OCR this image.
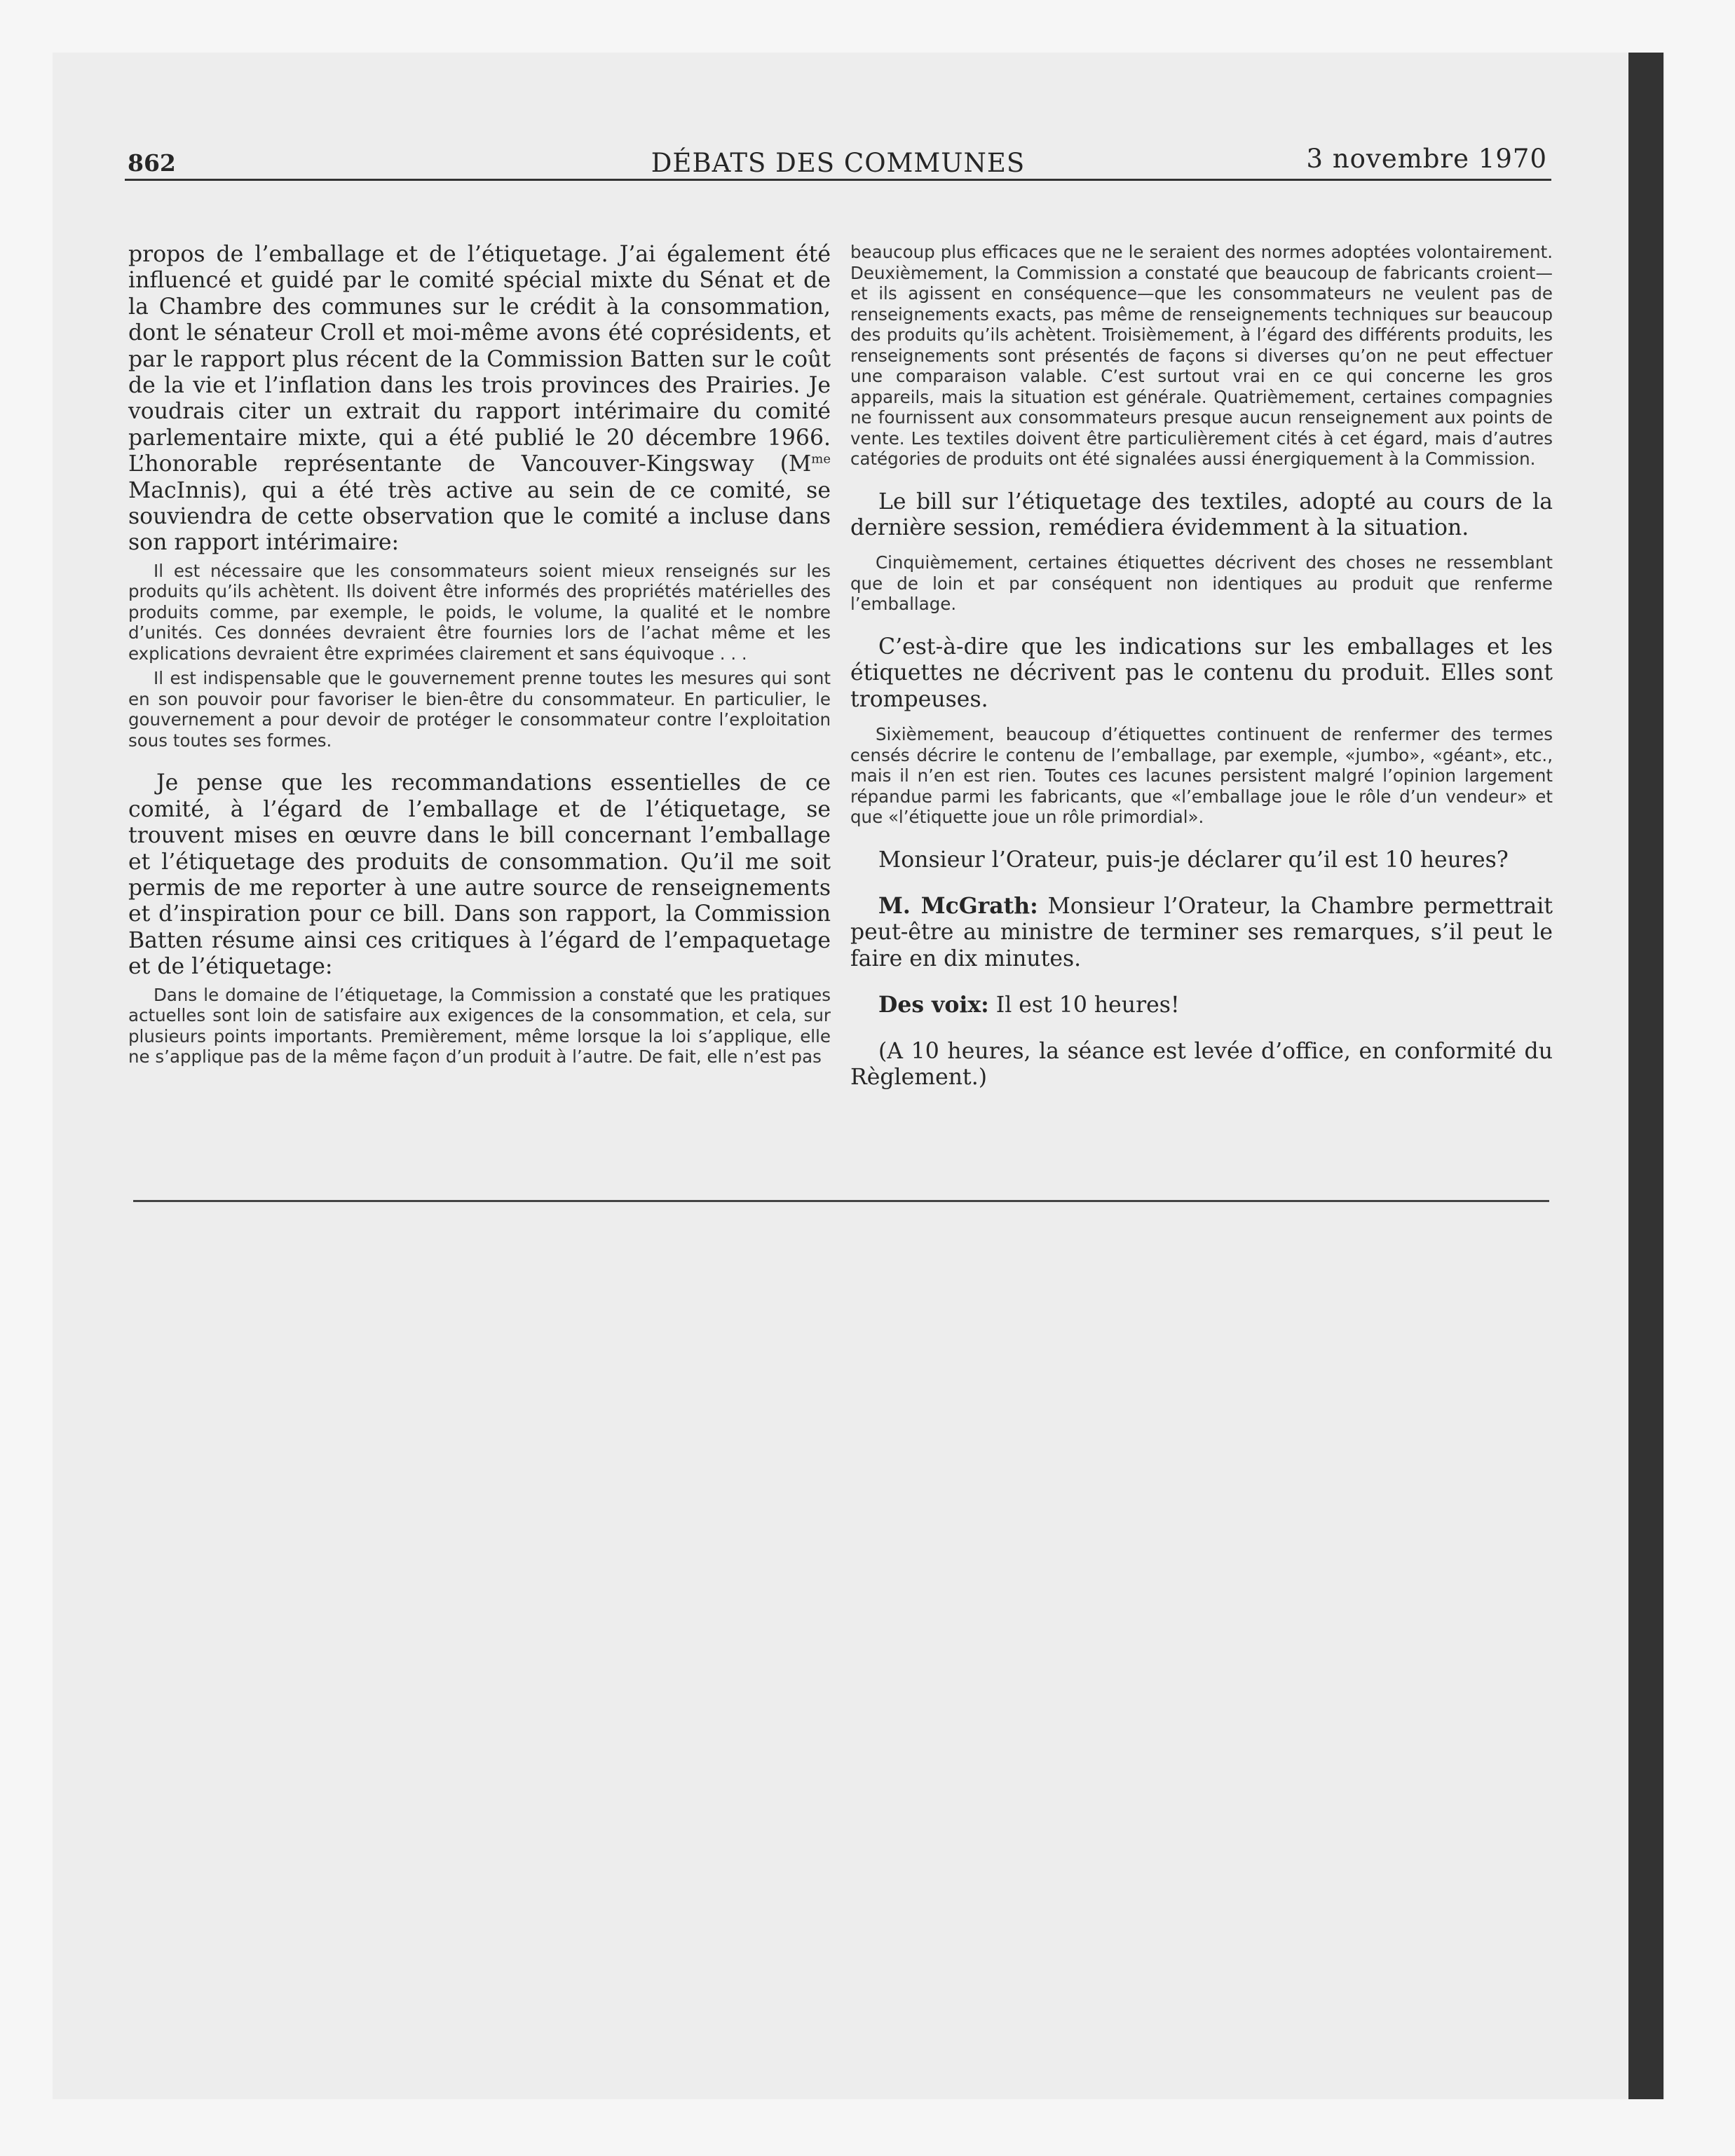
862	DÉBATS DES COMMUNES	3 novembre 1970

propos de l’emballage et de l’étiquetage. J’ai également été influencé et guidé par le comité spécial mixte du Sénat et de la Chambre des communes sur le crédit à la consommation, dont le sénateur Croll et moi-même avons été coprésidents, et par le rapport plus récent de la Commission Batten sur le coût de la vie et l’inflation dans les trois provinces des Prairies. Je voudrais citer un extrait du rapport intérimaire du comité parlementaire mixte, qui a été publié le 20 décembre 1966. L’honorable représentante de Vancouver-Kingsway ($M^{me}$ MacInnis), qui a été très active au sein de ce comité, se souviendra de cette observation que le comité a incluse dans son rapport intérimaire:

Il est nécessaire que les consommateurs soient mieux renseignés sur les produits qu’ils achètent. Ils doivent être informés des propriétés matérielles des produits comme, par exemple, le poids, le volume, la qualité et le nombre d’unités. Ces données devraient être fournies lors de l’achat même et les explications devraient être exprimées clairement et sans équivoque . . .

Il est indispensable que le gouvernement prenne toutes les mesures qui sont en son pouvoir pour favoriser le bien-être du consommateur. En particulier, le gouvernement a pour devoir de protéger le consommateur contre l’exploitation sous toutes ses formes.

Je pense que les recommandations essentielles de ce comité, à l’égard de l’emballage et de l’étiquetage, se trouvent mises en œuvre dans le bill concernant l’emballage et l’étiquetage des produits de consommation. Qu’il me soit permis de me reporter à une autre source de renseignements et d’inspiration pour ce bill. Dans son rapport, la Commission Batten résume ainsi ces critiques à l’égard de l’empaquetage et de l’étiquetage:

Dans le domaine de l’étiquetage, la Commission a constaté que les pratiques actuelles sont loin de satisfaire aux exigences de la consommation, et cela, sur plusieurs points importants. Premièrement, même lorsque la loi s’applique, elle ne s’applique pas de la même façon d’un produit à l’autre. De fait, elle n’est pas

beaucoup plus efficaces que ne le seraient des normes adoptées volontairement. Deuxièmement, la Commission a constaté que beaucoup de fabricants croient—et ils agissent en conséquence—que les consommateurs ne veulent pas de renseignements exacts, pas même de renseignements techniques sur beaucoup des produits qu’ils achètent. Troisièmement, à l’égard des différents produits, les renseignements sont présentés de façons si diverses qu’on ne peut effectuer une comparaison valable. C’est surtout vrai en ce qui concerne les gros appareils, mais la situation est générale. Quatrièmement, certaines compagnies ne fournissent aux consommateurs presque aucun renseignement aux points de vente. Les textiles doivent être particulièrement cités à cet égard, mais d’autres catégories de produits ont été signalées aussi énergiquement à la Commission.

Le bill sur l’étiquetage des textiles, adopté au cours de la dernière session, remédiera évidemment à la situation.

Cinquièmement, certaines étiquettes décrivent des choses ne ressemblant que de loin et par conséquent non identiques au produit que renferme l’emballage.

C’est-à-dire que les indications sur les emballages et les étiquettes ne décrivent pas le contenu du produit. Elles sont trompeuses.

Sixièmement, beaucoup d’étiquettes continuent de renfermer des termes censés décrire le contenu de l’emballage, par exemple, «jumbo», «géant», etc., mais il n’en est rien. Toutes ces lacunes persistent malgré l’opinion largement répandue parmi les fabricants, que «l’emballage joue le rôle d’un vendeur» et que «l’étiquette joue un rôle primordial».

Monsieur l’Orateur, puis-je déclarer qu’il est 10 heures?

M. McGrath: Monsieur l’Orateur, la Chambre permettrait peut-être au ministre de terminer ses remarques, s’il peut le faire en dix minutes.

Des voix: Il est 10 heures!

(A 10 heures, la séance est levée d’office, en conformité du Règlement.)
